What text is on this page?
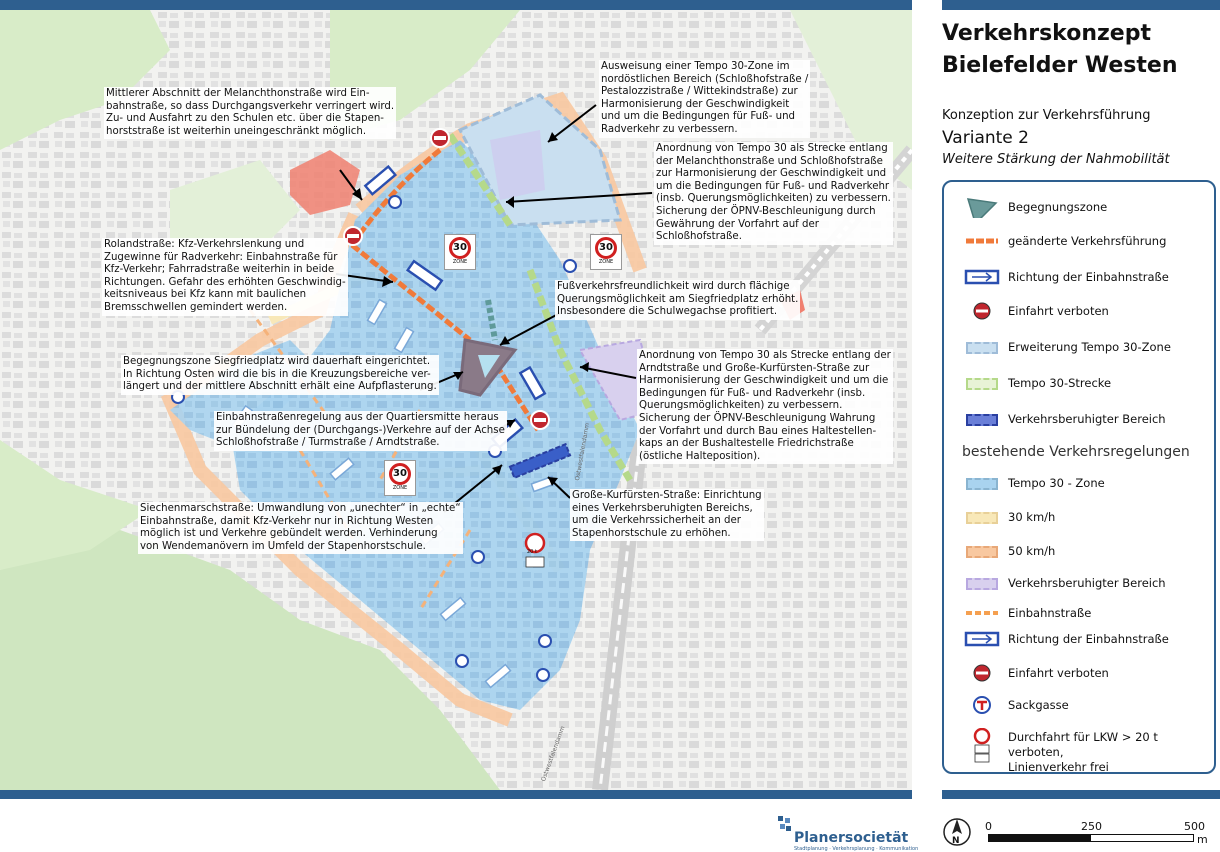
30
ZONE
30
ZONE
30
ZONE
20 t
Ostwestfalendamm
Ostwestfalendamm
Mittlerer Abschnitt der Melanchthonstraße wird Ein-
bahnstraße, so dass Durchgangsverkehr verringert wird.
Zu- und Ausfahrt zu den Schulen etc. über die Stapen-
horststraße ist weiterhin uneingeschränkt möglich.
Ausweisung einer Tempo 30-Zone im
nordöstlichen Bereich (Schloßhofstraße /
Pestalozzistraße / Wittekindstraße) zur
Harmonisierung der Geschwindigkeit
und um die Bedingungen für Fuß- und
Radverkehr zu verbessern.
Anordnung von Tempo 30 als Strecke entlang
der Melanchthonstraße und Schloßhofstraße
zur Harmonisierung der Geschwindigkeit und
um die Bedingungen für Fuß- und Radverkehr
(insb. Querungsmöglichkeiten) zu verbessern.
Sicherung der ÖPNV-Beschleunigung durch
Gewährung der Vorfahrt auf der
Schloßhofstraße.
Rolandstraße: Kfz-Verkehrslenkung und
Zugewinne für Radverkehr: Einbahnstraße für
Kfz-Verkehr; Fahrradstraße weiterhin in beide
Richtungen. Gefahr des erhöhten Geschwindig-
keitsniveaus bei Kfz kann mit baulichen
Bremsschwellen gemindert werden.
Fußverkehrsfreundlichkeit wird durch flächige
Querungsmöglichkeit am Siegfriedplatz erhöht.
Insbesondere die Schulwegachse profitiert.
Begegnungszone Siegfriedplatz wird dauerhaft eingerichtet.
In Richtung Osten wird die bis in die Kreuzungsbereiche ver-
längert und der mittlere Abschnitt erhält eine Aufpflasterung.
Anordnung von Tempo 30 als Strecke entlang der
Arndtstraße und Große-Kurfürsten-Straße zur
Harmonisierung der Geschwindigkeit und um die
Bedingungen für Fuß- und Radverkehr (insb.
Querungsmöglichkeiten) zu verbessern.
Sicherung der ÖPNV-Beschleunigung Wahrung
der Vorfahrt und durch Bau eines Haltestellen-
kaps an der Bushaltestelle Friedrichstraße
(östliche Halteposition).
Einbahnstraßenregelung aus der Quartiersmitte heraus
zur Bündelung der (Durchgangs-)Verkehre auf der Achse
Schloßhofstraße / Turmstraße / Arndtstraße.
Siechenmarschstraße: Umwandlung von „unechter“ in „echte“
Einbahnstraße, damit Kfz-Verkehr nur in Richtung Westen
möglich ist und Verkehre gebündelt werden. Verhinderung
von Wendemanövern im Umfeld der Stapenhorstschule.
Große-Kurfürsten-Straße: Einrichtung
eines Verkehrsberuhigten Bereichs,
um die Verkehrssicherheit an der
Stapenhorstschule zu erhöhen.
Verkehrskonzept
Bielefelder Westen
Konzeption zur Verkehrsführung
Variante 2
Weitere Stärkung der Nahmobilität
Begegnungszone
geänderte Verkehrsführung
Richtung der Einbahnstraße
Einfahrt verboten
Erweiterung Tempo 30-Zone
Tempo 30-Strecke
Verkehrsberuhigter Bereich
bestehende Verkehrsregelungen
Tempo 30 - Zone
30 km/h
50 km/h
Verkehrsberuhigter Bereich
Einbahnstraße
Richtung der Einbahnstraße
Einfahrt verboten
Sackgasse
Durchfahrt für LKW > 20 t verboten,
Linienverkehr frei
Planersocietät
Stadtplanung · Verkehrsplanung · Kommunikation
N
0	250	500
m
